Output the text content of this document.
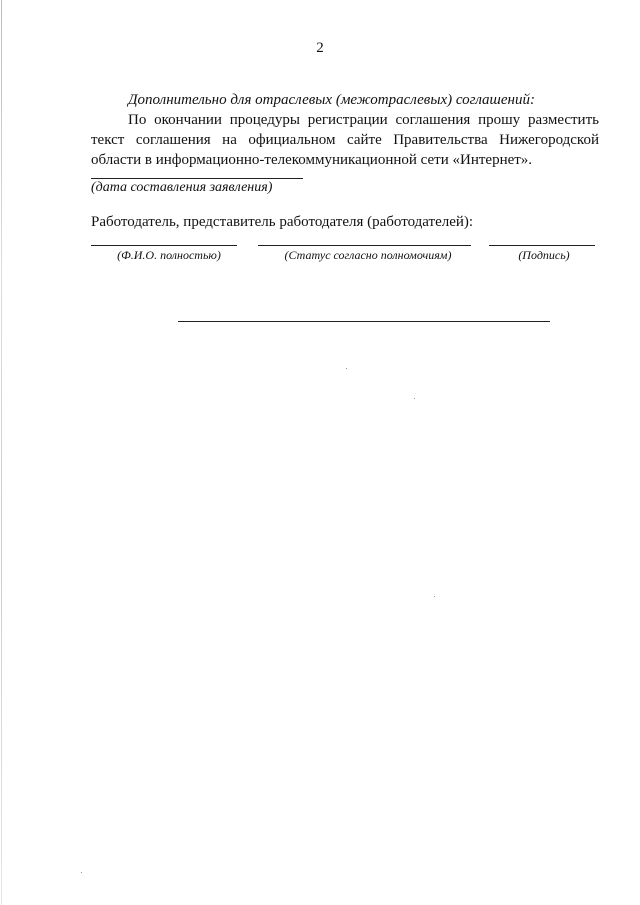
2
Дополнительно для отраслевых (межотраслевых) соглашений:
По окончании процедуры регистрации соглашения прошу разместить текст соглашения на официальном сайте Правительства Нижегородской области в информационно-телекоммуникационной сети «Интернет».
(дата составления заявления)
Работодатель, представитель работодателя (работодателей):
(Ф.И.О. полностью)	(Статус согласно полномочиям)	(Подпись)
